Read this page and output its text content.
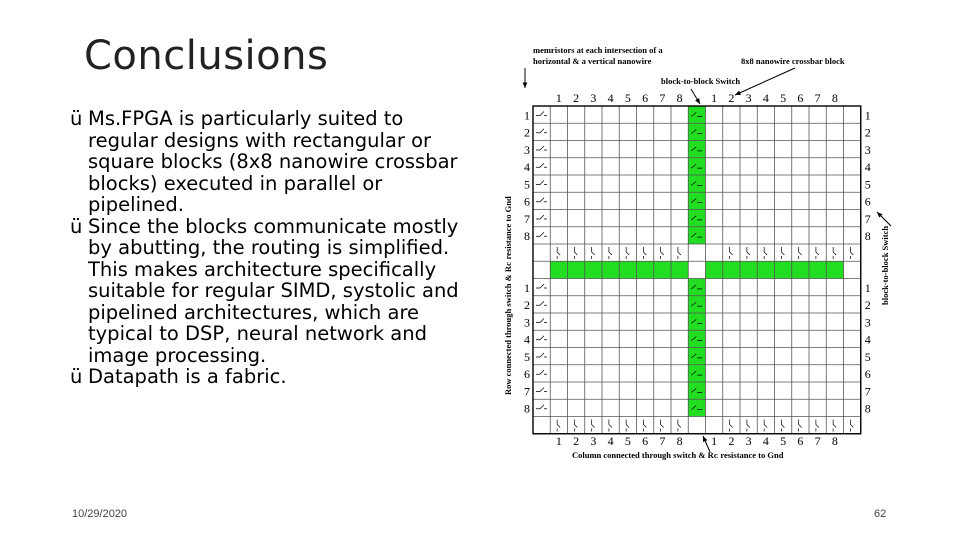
Conclusions

ü Ms.FPGA is particularly suited to regular designs with rectangular or square blocks (8x8 nanowire crossbar blocks) executed in parallel or pipelined.

ü Since the blocks communicate mostly by abutting, the routing is simplified. This makes architecture specifically suitable for regular SIMD, systolic and pipelined architectures, which are typical to DSP, neural network and image processing.

ü Datapath is a fabric.

1
1
2
2
3
3
4
4
5
5
6
6
7
7
8
8
1
1
2
2
3
3
4
4
5
5
6
6
7
7
8
8
1	1
2	2
3	3
4	4
5	5
6	6
7	7
8	8
1	1
2	2
3	3
4	4
5	5
6	6
7	7
8	8
memristors at each intersection of a
horizontal & a vertical nanowire	8x8 nanowire crossbar block
block-to-block Switch
Column connected through switch & Rᴄ resistance to Gnd
Row connected through switch & Rᴄ resistance to Gnd	block-to-block Switch
10/29/2020	62
